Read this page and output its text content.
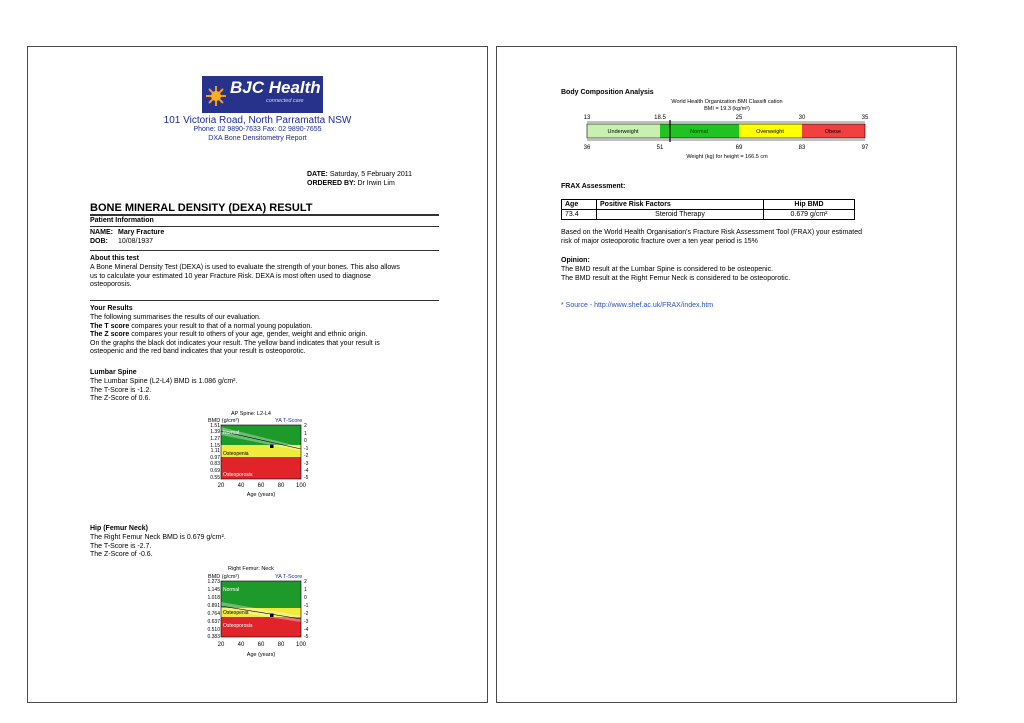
BJC Health
connected care
101 Victoria Road, North Parramatta NSW
Phone: 02 9890-7633 Fax: 02 9890-7655
DXA Bone Densitometry Report
DATE: Saturday, 5 February 2011
ORDERED BY: Dr Irwin Lim
BONE MINERAL DENSITY (DEXA) RESULT
Patient Information
NAME: Mary Fracture
DOB: 10/08/1937
About this test
A Bone Mineral Density Test (DEXA) is used to evaluate the strength of your bones. This also allows
us to calculate your estimated 10 year Fracture Risk. DEXA is most often used to diagnose
osteoporosis.
Your Results
The following summarises the results of our evaluation.
The T score compares your result to that of a normal young population.
The Z score compares your result to others of your age, gender, weight and ethnic origin.
On the graphs the black dot indicates your result. The yellow band indicates that your result is
osteopenic and the red band indicates that your result is osteoporotic.
Lumbar Spine
The Lumbar Spine (L2-L4) BMD is 1.086 g/cm².
The T-Score is -1.2.
The Z-Score of 0.6.
AP Spine: L2-L4
BMD (g/cm²)	YA T-Score
Normal
Osteopenia
Osteoporosis
1.51
1.39
1.27
1.15
1.11
0.97
0.83
0.69
0.55
2
1
0
-1
-2
-3
-4
-5
20 40 60 80 100
Age (years)
Hip (Femur Neck)
The Right Femur Neck BMD is 0.679 g/cm².
The T-Score is -2.7.
The Z-Score of -0.6.
Right Femur: Neck
BMD (g/cm²)	YA T-Score
Normal
Osteopenia
Osteoporosis
1.273
1.145
1.018
0.891
0.764
0.637
0.510
0.383
2
1
0
-1
-2
-3
-4
-5
20 40 60 80 100
Age (years)
Body Composition Analysis
World Health Organization BMI Classifi cation
BMI = 19.3 (kg/m²)
13	18.5	25	30	35
Underweight	Normal	Overweight	Obese
36	51	69	83	97
Weight (kg) for height = 166.5 cm
FRAX Assessment:
Age	Positive Risk Factors	Hip BMD
73.4	Steroid Therapy	0.679 g/cm²
Based on the World Health Organisation's Fracture Risk Assessment Tool (FRAX) your estimated
risk of major osteoporotic fracture over a ten year period is 15%
Opinion:
The BMD result at the Lumbar Spine is considered to be osteopenic.
The BMD result at the Right Femur Neck is considered to be osteoporotic.
* Source - http://www.shef.ac.uk/FRAX/index.htm
